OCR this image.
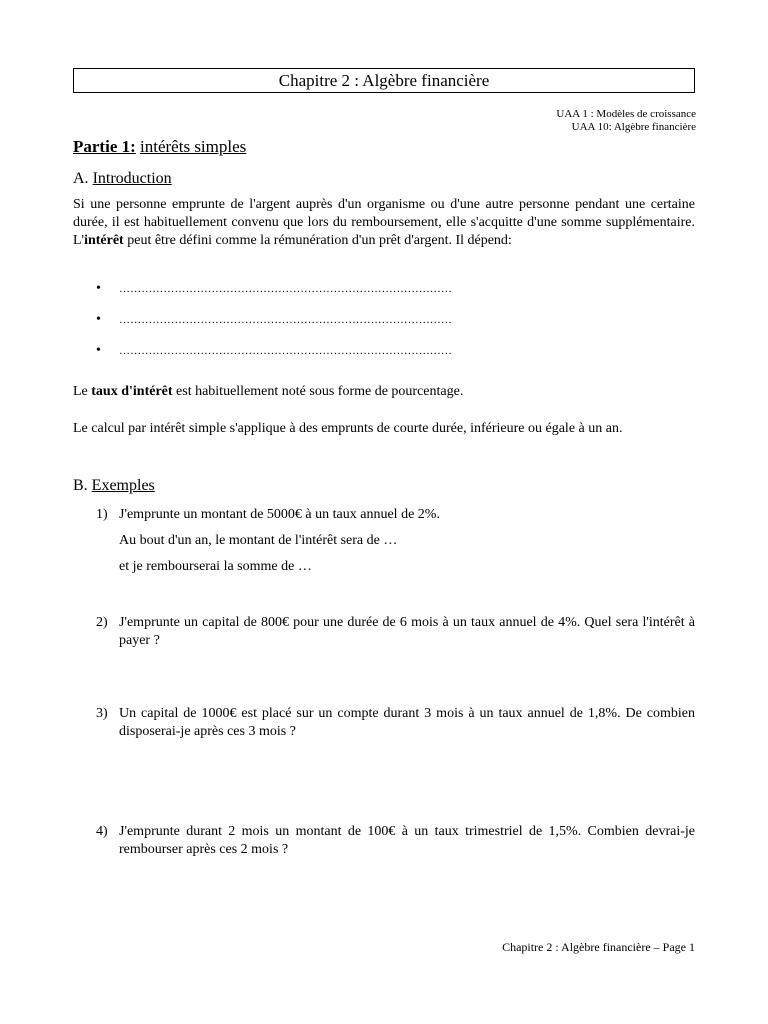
Chapitre 2 : Algèbre financière
UAA 1 : Modèles de croissance
UAA 10: Algèbre financière
Partie 1: intérêts simples
A. Introduction
Si une personne emprunte de l'argent auprès d'un organisme ou d'une autre personne pendant une certaine durée, il est habituellement convenu que lors du remboursement, elle s'acquitte d'une somme supplémentaire. L'intérêt peut être défini comme la rémunération d'un prêt d'argent. Il dépend:
• ………………………………………………………………………………
• ………………………………………………………………………………
• ………………………………………………………………………………
Le taux d'intérêt est habituellement noté sous forme de pourcentage.
Le calcul par intérêt simple s'applique à des emprunts de courte durée, inférieure ou égale à un an.
B. Exemples
1) J'emprunte un montant de 5000€ à un taux annuel de 2%.
Au bout d'un an, le montant de l'intérêt sera de …
et je rembourserai la somme de …
2) J'emprunte un capital de 800€ pour une durée de 6 mois à un taux annuel de 4%. Quel sera l'intérêt à payer ?
3) Un capital de 1000€ est placé sur un compte durant 3 mois à un taux annuel de 1,8%. De combien disposerai-je après ces 3 mois ?
4) J'emprunte durant 2 mois un montant de 100€ à un taux trimestriel de 1,5%. Combien devrai-je rembourser après ces 2 mois ?
Chapitre 2 : Algèbre financière – Page 1
